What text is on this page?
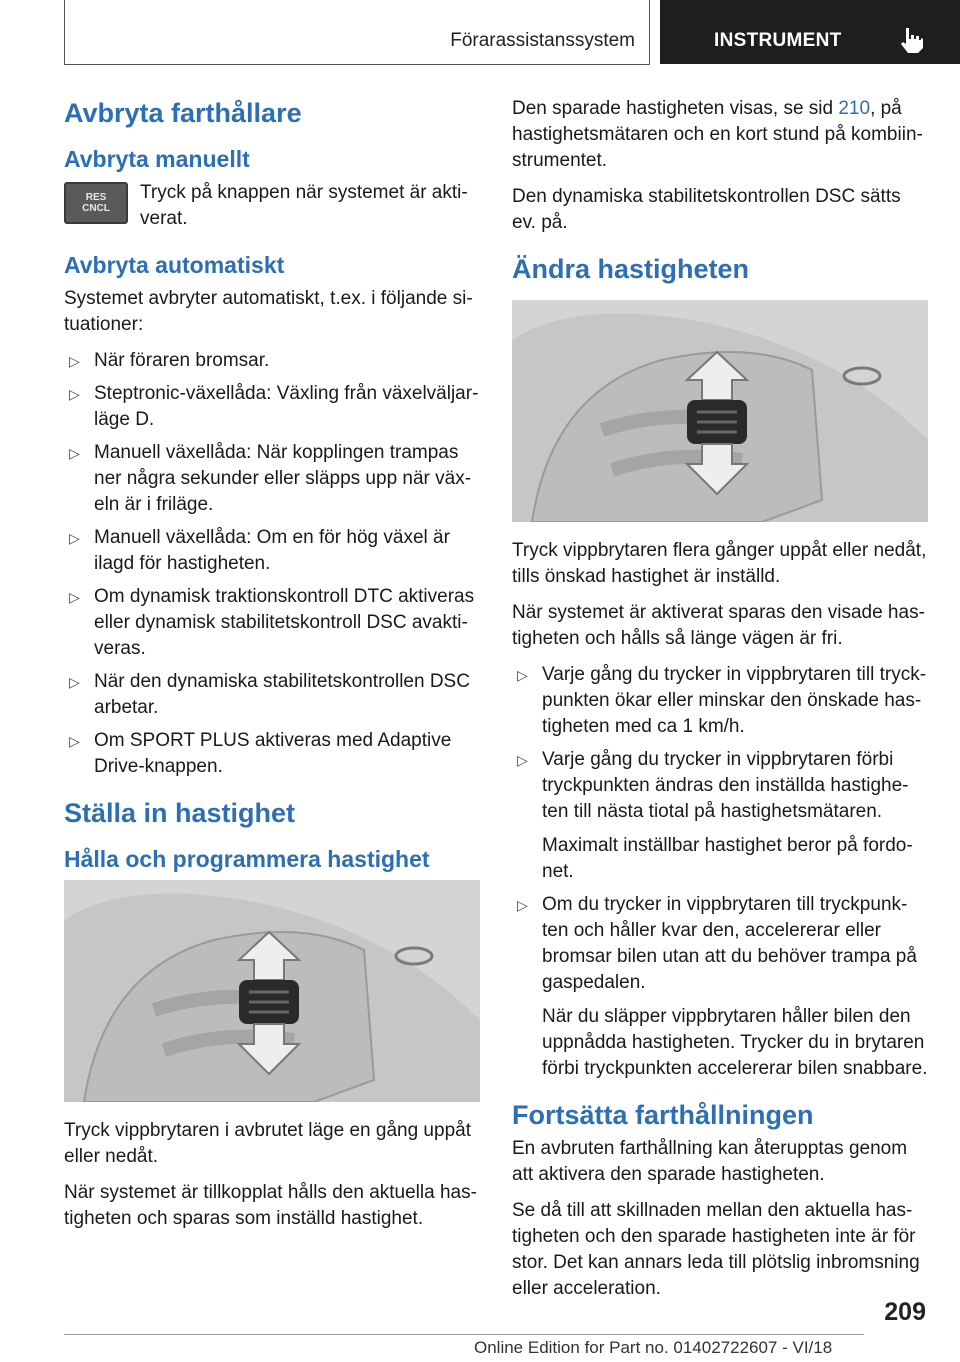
Förarassistanssystem	INSTRUMENT
Avbryta farthållare
Avbryta manuellt
RES
CNCL
Tryck på knappen när systemet är akti-verat.
Avbryta automatiskt

Systemet avbryter automatiskt, t.ex. i följande si-tuationer:

▷ När föraren bromsar.
▷ Steptronic-växellåda: Växling från växelväljar-läge D.
▷ Manuell växellåda: När kopplingen trampas ner några sekunder eller släpps upp när väx-eln är i friläge.
▷ Manuell växellåda: Om en för hög växel är ilagd för hastigheten.
▷ Om dynamisk traktionskontroll DTC aktiveras eller dynamisk stabilitetskontroll DSC avakti-veras.
▷ När den dynamiska stabilitetskontrollen DSC arbetar.
▷ Om SPORT PLUS aktiveras med Adaptive Drive-knappen.
Ställa in hastighet
Hålla och programmera hastighet

Tryck vippbrytaren i avbrutet läge en gång uppåt eller nedåt.

När systemet är tillkopplat hålls den aktuella has-tigheten och sparas som inställd hastighet.

Den sparade hastigheten visas, se sid 210, på hastighetsmätaren och en kort stund på kombiin-strumentet.

Den dynamiska stabilitetskontrollen DSC sätts ev. på.

Ändra hastigheten

Tryck vippbrytaren flera gånger uppåt eller nedåt, tills önskad hastighet är inställd.

När systemet är aktiverat sparas den visade has-tigheten och hålls så länge vägen är fri.

▷ Varje gång du trycker in vippbrytaren till tryck-punkten ökar eller minskar den önskade has-tigheten med ca 1 km/h.
▷ Varje gång du trycker in vippbrytaren förbi tryckpunkten ändras den inställda hastighe-ten till nästa tiotal på hastighetsmätaren.

Maximalt inställbar hastighet beror på fordo-net.

▷ Om du trycker in vippbrytaren till tryckpunk-ten och håller kvar den, accelererar eller bromsar bilen utan att du behöver trampa på gaspedalen.

När du släpper vippbrytaren håller bilen den uppnådda hastigheten. Trycker du in brytaren förbi tryckpunkten accelererar bilen snabbare.

Fortsätta farthållningen

En avbruten farthållning kan återupptas genom att aktivera den sparade hastigheten.

Se då till att skillnaden mellan den aktuella has-tigheten och den sparade hastigheten inte är för stor. Det kan annars leda till plötslig inbromsning eller acceleration.

209
Online Edition for Part no. 01402722607 - VI/18
